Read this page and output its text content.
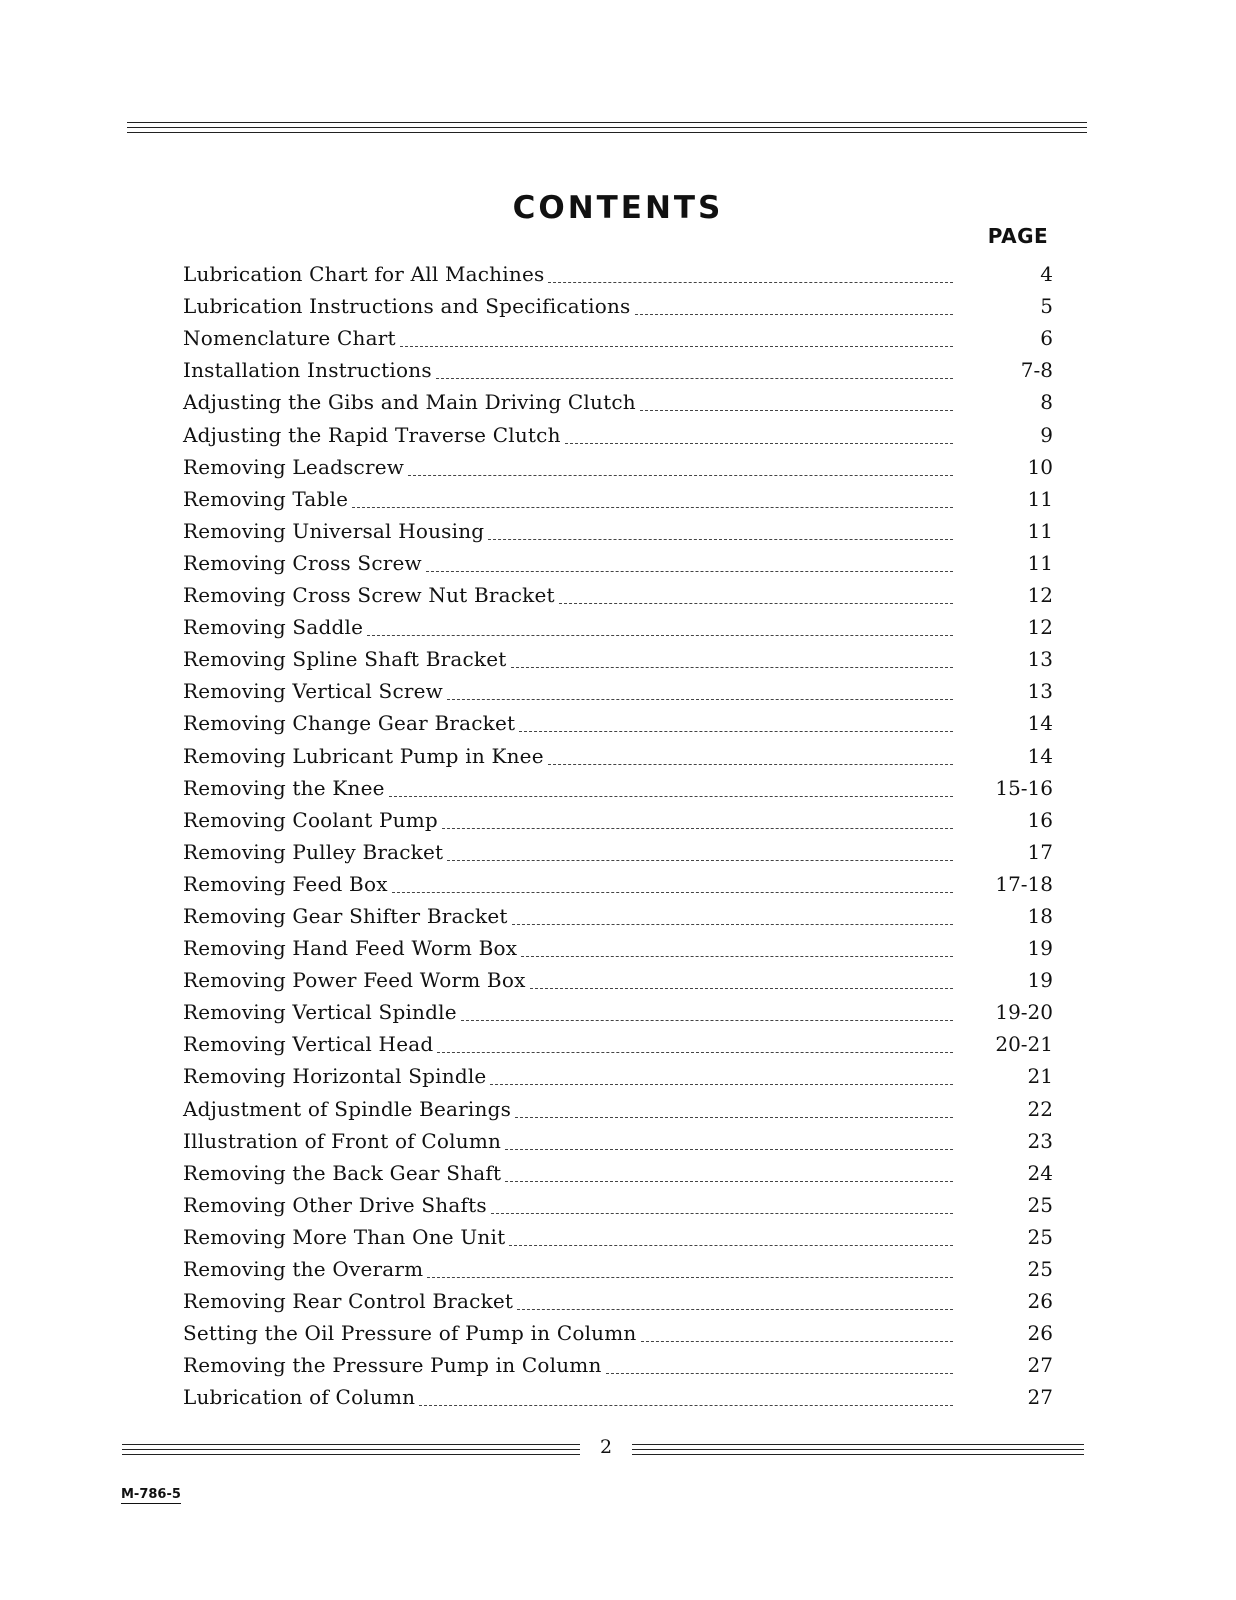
CONTENTS
PAGE
Lubrication Chart for All Machines	4
Lubrication Instructions and Specifications	5
Nomenclature Chart	6
Installation Instructions	7-8
Adjusting the Gibs and Main Driving Clutch	8
Adjusting the Rapid Traverse Clutch	9
Removing Leadscrew	10
Removing Table	11
Removing Universal Housing	11
Removing Cross Screw	11
Removing Cross Screw Nut Bracket	12
Removing Saddle	12
Removing Spline Shaft Bracket	13
Removing Vertical Screw	13
Removing Change Gear Bracket	14
Removing Lubricant Pump in Knee	14
Removing the Knee	15-16
Removing Coolant Pump	16
Removing Pulley Bracket	17
Removing Feed Box	17-18
Removing Gear Shifter Bracket	18
Removing Hand Feed Worm Box	19
Removing Power Feed Worm Box	19
Removing Vertical Spindle	19-20
Removing Vertical Head	20-21
Removing Horizontal Spindle	21
Adjustment of Spindle Bearings	22
Illustration of Front of Column	23
Removing the Back Gear Shaft	24
Removing Other Drive Shafts	25
Removing More Than One Unit	25
Removing the Overarm	25
Removing Rear Control Bracket	26
Setting the Oil Pressure of Pump in Column	26
Removing the Pressure Pump in Column	27
Lubrication of Column	27
2
M-786-5
